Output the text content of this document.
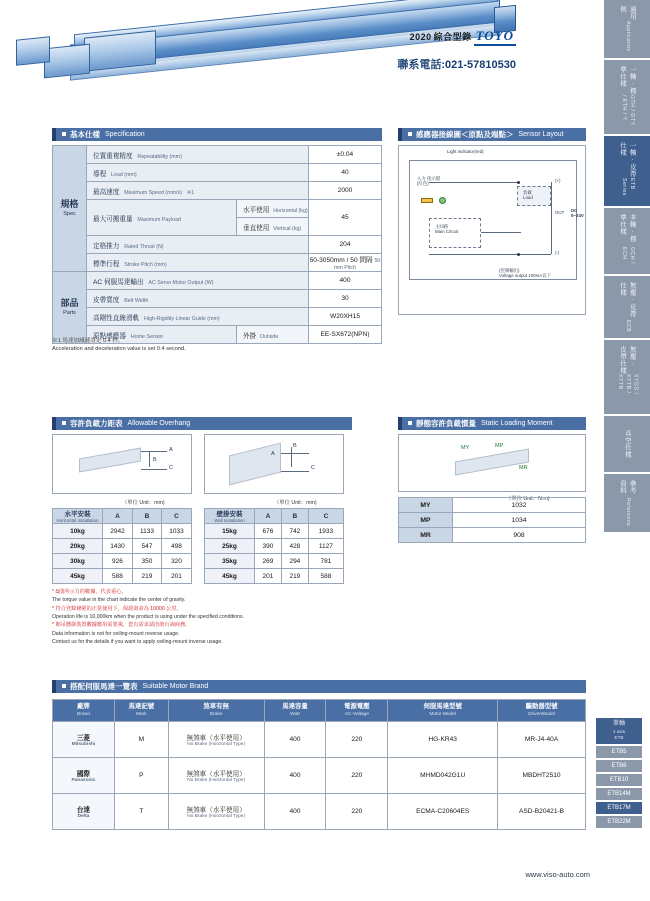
2020 綜合型錄 TOYO
聯系電話:021-57810530
適用例
Application
一軸 · 標準仕樣
GTH / GTY / ETH / Y
一軸 · 皮帶仕樣
ETB Series
多軸 · 標準仕樣
GCH / ECH
無塵 · 皮帶仕樣
ECB
無塵 · 皮帶仕樣
XYGD / XYTB / XYTB
真空仕樣
參考資料
Reference
基本仕樣 Specification
規格
Spec	位置重複精度 Repeatability (mm)		±0.04
	導程 Lead (mm)		40
	最高速度 Maximum Speed (mm/s) ※1		2000
	最大可搬重量 Maximum Payload	水平使用 Horizontal (kg)	45
		垂直使用 Vertical (kg)	
	定格推力 Rated Thrust (N)		204
	標準行程 Stroke Pitch (mm)		50-3050mm / 50 間隔 50 mm Pitch
部品
Parts	AC 伺服馬達輸出 AC Servo Motor Output (W)		400
	皮帶寬度 Belt Width		30
	高剛性直線滑軌 High-Rigidity Linear Guide (mm)		W20XH15
	原點感應器 Home Sensor	外掛 Outside	EE-SX672(NPN)
※1 馬達加減速設定 0.4 秒。
Acceleration and deceleration value is set 0.4 second.
感應器接線圖＜原點及端點＞ Sensor Layout
Light indicator(red)
入力 指示燈 (紅色)
主回路
Main Circuit
負載
Load
(+)
OUT
(-)
DC 5~24V
(控制輸出)
Voltage output 100mA以下
容許負載力距表 Allowable Overhang
A
B
C
（單位 Unit：mm)
A
B
C
（單位 Unit：mm)
水平安裝
Horizontal Installation	A	B	C
10kg	2942	1133	1033
20kg	1430	547	498
30kg	926	350	320
45kg	588	219	201
壁掛安裝
Wall Installation	A	B	C
15kg	676	742	1933
25kg	390	428	1127
35kg	269	294	781
45kg	201	219	588
* ది图所示力的數據，代表重心。
The torque value in the chart indicate the center of gravity.
* 符合登錄條絕的正常使用下，保證壽命為 10000 公里。
Operation life is 10,000km when the product is using under the specified conditions.
* 朝吊懸掛裝置數據應用需要視，您有需求請洽談台詢商務。
Data information is not for ceiling-mount reverse usage.
Contact us for the details if you want to apply ceiling-mount inverse usage.
靜態容許負載慣量 Static Loading Moment
MY	MP
MR
（單位 Unit：N.m)
MY	1032
MP	1034
MR	908
搭配伺服馬達一覽表 Suitable Motor Brand
廠牌
Brand	馬達記號
Mark	煞車有無
Brake	馬達容量
Watt	電源電壓
AC-Voltage	伺服馬達型號
Motor Model	驅動器型號
DrivenModel

三菱
Mitsubishi	M	無煞車（水平使用）
No Brake (Horizontal Type)	400	220	HG-KR43	MR-J4-40A
國際
Panasonic	P	無煞車（水平使用）
No Brake (Horizontal Type)	400	220	MHMD042G1U	MBDHT2510
台達
Delta	T	無煞車（水平使用）
No Brake (Horizontal Type)	400	220	ECMA-C20604ES	ASD-B20421-B
單軸
1 axis
ETB
ETB5
ETB6
ETB10
ETB14M
ETB17M
ETB22M
www.viso-auto.com
